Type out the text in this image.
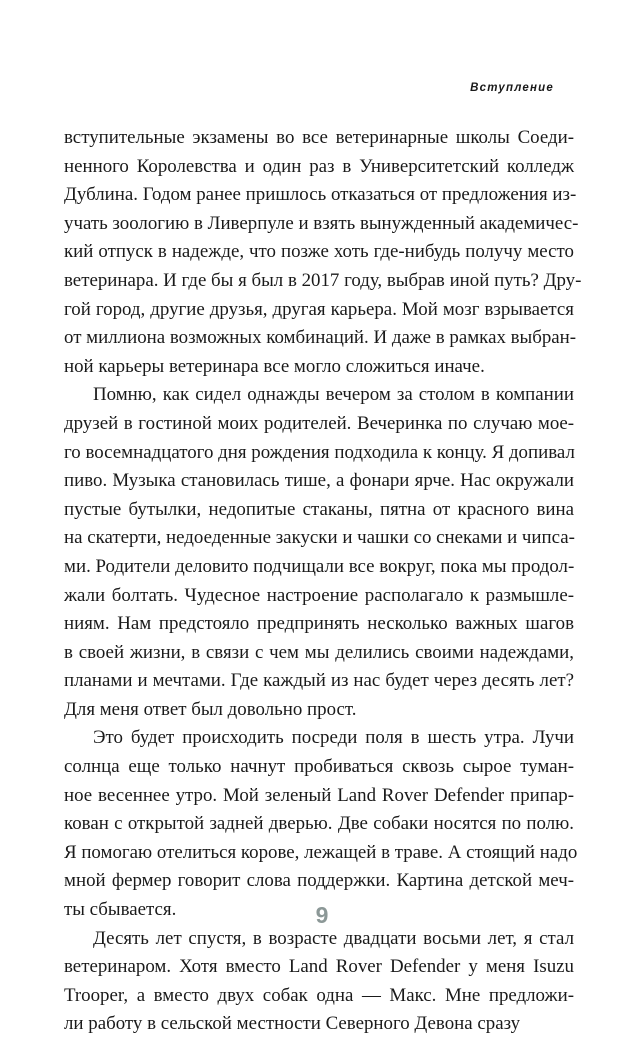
Вступление
вступительные экзамены во все ветеринарные школы Соеди-
ненного Королевства и один раз в Университетский колледж
Дублина. Годом ранее пришлось отказаться от предложения из-
учать зоологию в Ливерпуле и взять вынужденный академичес-
кий отпуск в надежде, что позже хоть где-нибудь получу место
ветеринара. И где бы я был в 2017 году, выбрав иной путь? Дру-
гой город, другие друзья, другая карьера. Мой мозг взрывается
от миллиона возможных комбинаций. И даже в рамках выбран-
ной карьеры ветеринара все могло сложиться иначе.
Помню, как сидел однажды вечером за столом в компании
друзей в гостиной моих родителей. Вечеринка по случаю моe-
го восемнадцатого дня рождения подходила к концу. Я допивал
пиво. Музыка становилась тише, а фонари ярче. Нас окружали
пустые бутылки, недопитые стаканы, пятна от красного вина
на скатерти, недоеденные закуски и чашки со снеками и чипса-
ми. Родители деловито подчищали все вокруг, пока мы продол-
жали болтать. Чудесное настроение располагало к размышле-
ниям. Нам предстояло предпринять несколько важных шагов
в своей жизни, в связи с чем мы делились своими надеждами,
планами и мечтами. Где каждый из нас будет через десять лет?
Для меня ответ был довольно прост.
Это будет происходить посреди поля в шесть утра. Лучи
солнца еще только начнут пробиваться сквозь сырое туман-
ное весеннее утро. Мой зеленый Land Rover Defender припар-
кован с открытой задней дверью. Две собаки носятся по полю.
Я помогаю отелиться корове, лежащей в траве. А стоящий надо
мной фермер говорит слова поддержки. Картина детской меч-
ты сбывается.
Десять лет спустя, в возрасте двадцати восьми лет, я стал
ветеринаром. Хотя вместо Land Rover Defender у меня Isuzu
Trooper, а вместо двух собак одна — Макс. Мне предложи-
ли работу в сельской местности Северного Девона сразу
9
